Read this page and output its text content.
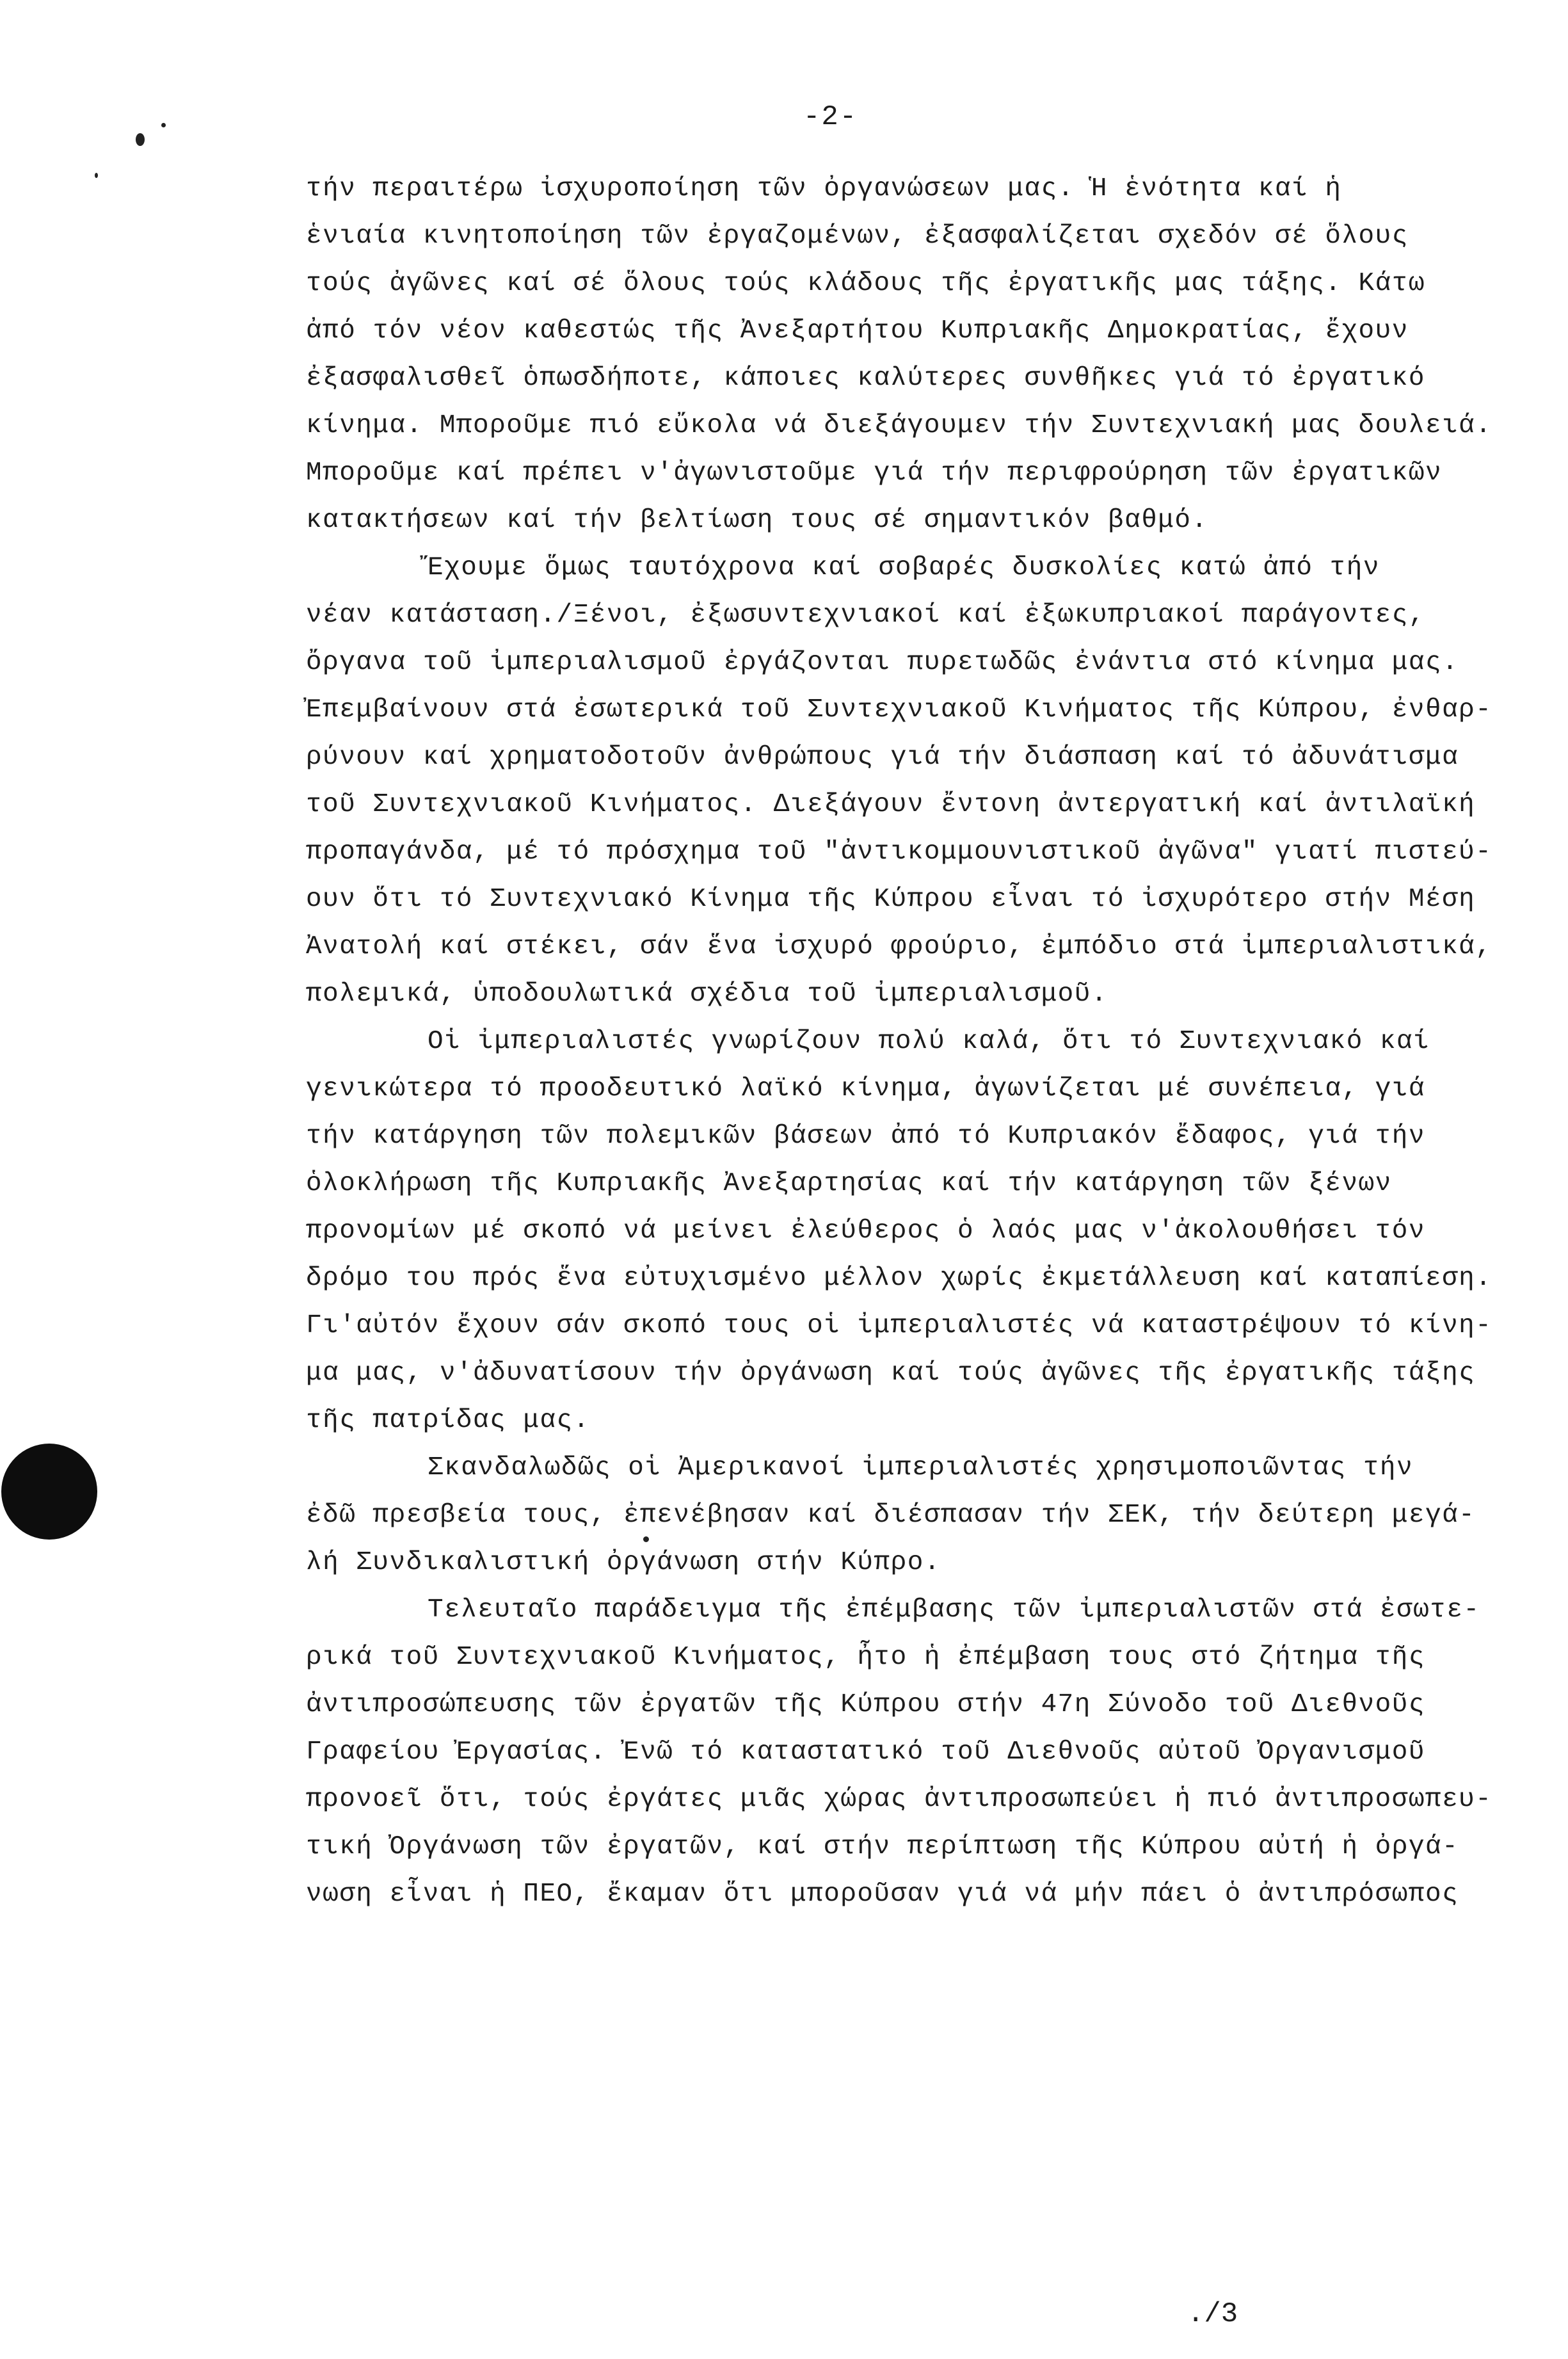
-2-
τήν περαιτέρω ἰσχυροποίηση τῶν ὀργανώσεων μας. Ἡ ἑνότητα καί ἡ
ἑνιαία κινητοποίηση τῶν ἐργαζομένων, ἐξασφαλίζεται σχεδόν σέ ὅλους
τούς ἀγῶνες καί σέ ὅλους τούς κλάδους τῆς ἐργατικῆς μας τάξης. Κάτω
ἀπό τόν νέον καθεστώς τῆς Ἀνεξαρτήτου Κυπριακῆς Δημοκρατίας, ἔχουν
ἐξασφαλισθεῖ ὁπωσδήποτε, κάποιες καλύτερες συνθῆκες γιά τό ἐργατικό
κίνημα. Μποροῦμε πιό εὔκολα νά διεξάγουμεν τήν Συντεχνιακή μας δουλειά.
Μποροῦμε καί πρέπει ν'ἀγωνιστοῦμε γιά τήν περιφρούρηση τῶν ἐργατικῶν
κατακτήσεων καί τήν βελτίωση τους σέ σημαντικόν βαθμό.
Ἔχουμε ὅμως ταυτόχρονα καί σοβαρές δυσκολίες κατώ ἀπό τήν
νέαν κατάσταση./Ξένοι, ἐξωσυντεχνιακοί καί ἐξωκυπριακοί παράγοντες,
ὄργανα τοῦ ἰμπεριαλισμοῦ ἐργάζονται πυρετωδῶς ἐνάντια στό κίνημα μας.
Ἐπεμβαίνουν στά ἐσωτερικά τοῦ Συντεχνιακοῦ Κινήματος τῆς Κύπρου, ἐνθαρ-
ρύνουν καί χρηματοδοτοῦν ἀνθρώπους γιά τήν διάσπαση καί τό ἀδυνάτισμα
τοῦ Συντεχνιακοῦ Κινήματος. Διεξάγουν ἔντονη ἀντεργατική καί ἀντιλαϊκή
προπαγάνδα, μέ τό πρόσχημα τοῦ "ἀντικομμουνιστικοῦ ἀγῶνα" γιατί πιστεύ-
ουν ὅτι τό Συντεχνιακό Κίνημα τῆς Κύπρου εἶναι τό ἰσχυρότερο στήν Μέση
Ἀνατολή καί στέκει, σάν ἕνα ἰσχυρό φρούριο, ἐμπόδιο στά ἰμπεριαλιστικά,
πολεμικά, ὑποδουλωτικά σχέδια τοῦ ἰμπεριαλισμοῦ.
Οἱ ἰμπεριαλιστές γνωρίζουν πολύ καλά, ὅτι τό Συντεχνιακό καί
γενικώτερα τό προοδευτικό λαϊκό κίνημα, ἀγωνίζεται μέ συνέπεια, γιά
τήν κατάργηση τῶν πολεμικῶν βάσεων ἀπό τό Κυπριακόν ἔδαφος, γιά τήν
ὁλοκλήρωση τῆς Κυπριακῆς Ἀνεξαρτησίας καί τήν κατάργηση τῶν ξένων
προνομίων μέ σκοπό νά μείνει ἐλεύθερος ὁ λαός μας ν'ἀκολουθήσει τόν
δρόμο του πρός ἕνα εὐτυχισμένο μέλλον χωρίς ἐκμετάλλευση καί καταπίεση.
Γι'αὐτόν ἔχουν σάν σκοπό τους οἱ ἰμπεριαλιστές νά καταστρέψουν τό κίνη-
μα μας, ν'ἀδυνατίσουν τήν ὀργάνωση καί τούς ἀγῶνες τῆς ἐργατικῆς τάξης
τῆς πατρίδας μας.
Σκανδαλωδῶς οἱ Ἀμερικανοί ἰμπεριαλιστές χρησιμοποιῶντας τήν
ἐδῶ πρεσβεία τους, ἐπενέβησαν καί διέσπασαν τήν ΣΕΚ, τήν δεύτερη μεγά-
λή Συνδικαλιστική ὀργάνωση στήν Κύπρο.
Τελευταῖο παράδειγμα τῆς ἐπέμβασης τῶν ἰμπεριαλιστῶν στά ἐσωτε-
ρικά τοῦ Συντεχνιακοῦ Κινήματος, ἦτο ἡ ἐπέμβαση τους στό ζήτημα τῆς
ἀντιπροσώπευσης τῶν ἐργατῶν τῆς Κύπρου στήν 47η Σύνοδο τοῦ Διεθνοῦς
Γραφείου Ἐργασίας. Ἐνῶ τό καταστατικό τοῦ Διεθνοῦς αὐτοῦ Ὀργανισμοῦ
προνοεῖ ὅτι, τούς ἐργάτες μιᾶς χώρας ἀντιπροσωπεύει ἡ πιό ἀντιπροσωπευ-
τική Ὀργάνωση τῶν ἐργατῶν, καί στήν περίπτωση τῆς Κύπρου αὐτή ἡ ὀργά-
νωση εἶναι ἡ ΠΕΟ, ἔκαμαν ὅτι μποροῦσαν γιά νά μήν πάει ὁ ἀντιπρόσωπος
./3
